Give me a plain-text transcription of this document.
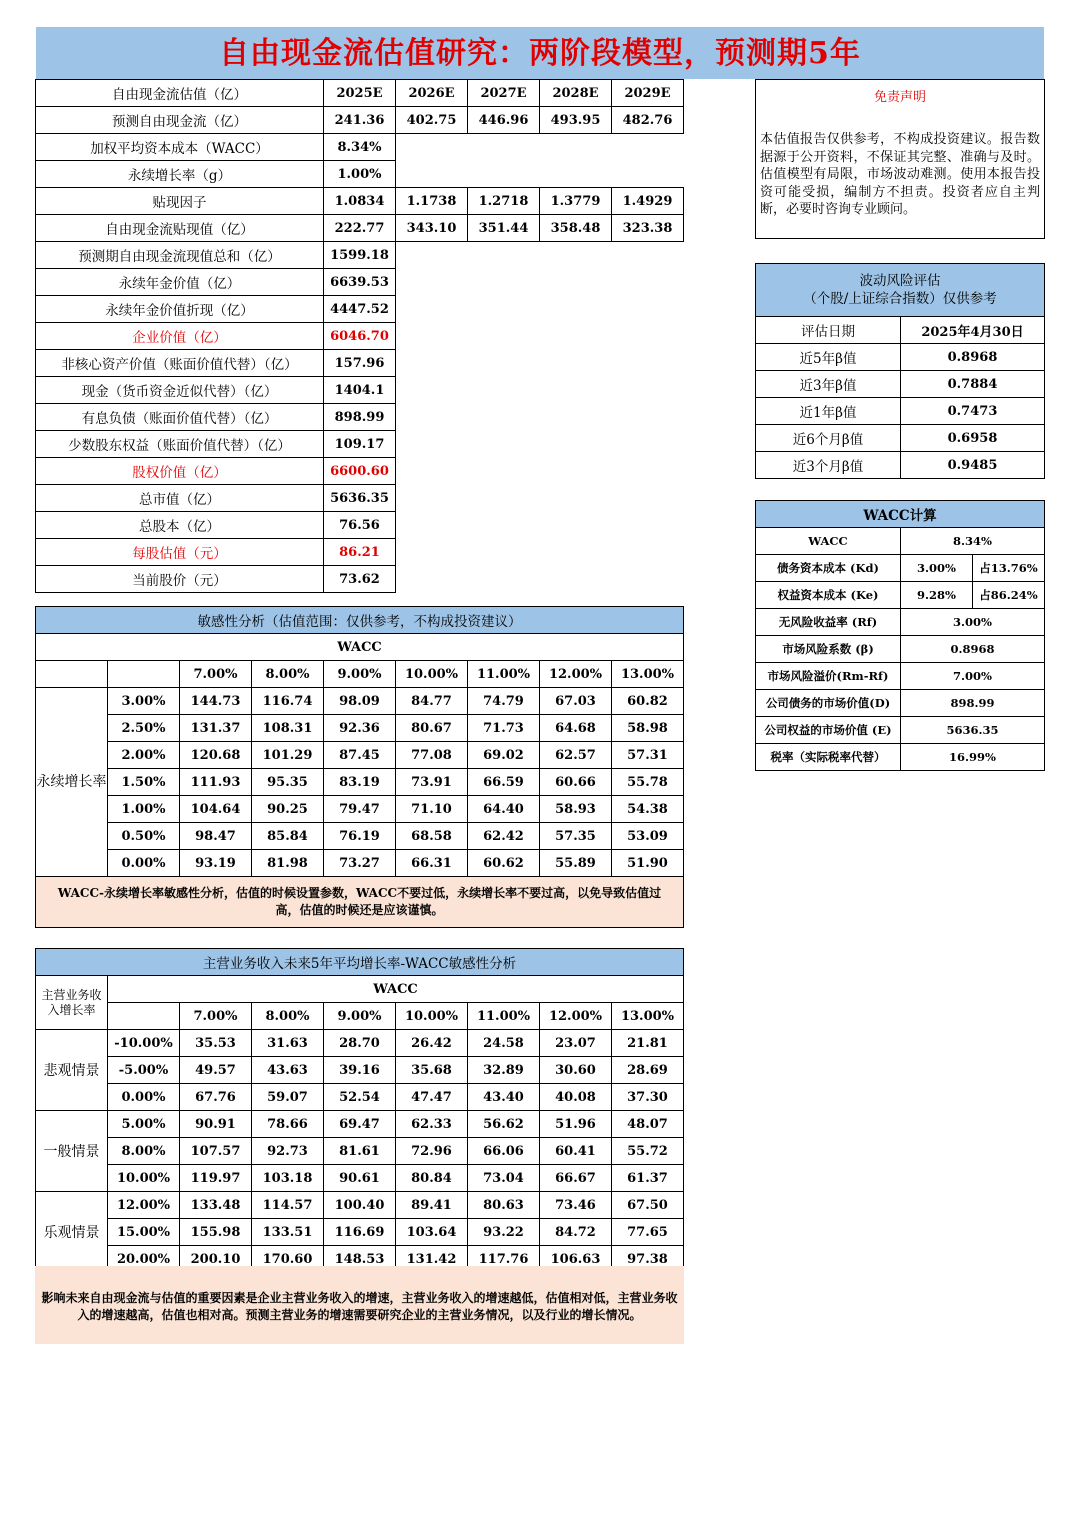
自由现金流估值研究：两阶段模型，预测期5年
自由现金流估值（亿）	2025E	2026E	2027E	2028E	2029E
预测自由现金流（亿）	241.36	402.75	446.96	493.95	482.76
加权平均资本成本（WACC）	8.34%				
永续增长率（g）	1.00%				
贴现因子	1.0834	1.1738	1.2718	1.3779	1.4929
自由现金流贴现值（亿）	222.77	343.10	351.44	358.48	323.38
预测期自由现金流现值总和（亿）	1599.18				
永续年金价值（亿）	6639.53				
永续年金价值折现（亿）	4447.52				
企业价值（亿）	6046.70				
非核心资产价值（账面价值代替）（亿）	157.96				
现金（货币资金近似代替）（亿）	1404.1				
有息负债（账面价值代替）（亿）	898.99				
少数股东权益（账面价值代替）（亿）	109.17				
股权价值（亿）	6600.60				
总市值（亿）	5636.35				
总股本（亿）	76.56				
每股估值（元）	86.21				
当前股价（元）	73.62				
免责声明
本估值报告仅供参考，不构成投资建议。报告数据源于公开资料，不保证其完整、准确与及时。估值模型有局限，市场波动难测。使用本报告投资可能受损，编制方不担责。投资者应自主判断，必要时咨询专业顾问。
波动风险评估
（个股/上证综合指数）仅供参考	

评估日期	2025年4月30日
近5年β值	0.8968
近3年β值	0.7884
近1年β值	0.7473
近6个月β值	0.6958
近3个月β值	0.9485
WACC计算		
WACC	8.34%	
债务资本成本 (Kd)	3.00%	占13.76%
权益资本成本 (Ke)	9.28%	占86.24%
无风险收益率 (Rf)	3.00%	
市场风险系数 (β)	0.8968	
市场风险溢价(Rm-Rf)	7.00%	
公司债务的市场价值(D)	898.99	
公司权益的市场价值 (E)	5636.35	
税率（实际税率代替）	16.99%	
敏感性分析（估值范围：仅供参考，不构成投资建议）								
WACC								
		7.00%	8.00%	9.00%	10.00%	11.00%	12.00%	13.00%
永续增长率	3.00%	144.73	116.74	98.09	84.77	74.79	67.03	60.82
	2.50%	131.37	108.31	92.36	80.67	71.73	64.68	58.98
	2.00%	120.68	101.29	87.45	77.08	69.02	62.57	57.31
	1.50%	111.93	95.35	83.19	73.91	66.59	60.66	55.78
	1.00%	104.64	90.25	79.47	71.10	64.40	58.93	54.38
	0.50%	98.47	85.84	76.19	68.58	62.42	57.35	53.09
	0.00%	93.19	81.98	73.27	66.31	60.62	55.89	51.90
WACC-永续增长率敏感性分析，估值的时候设置参数，WACC不要过低，永续增长率不要过高，以免导致估值过高，估值的时候还是应该谨慎。								
主营业务收入未来5年平均增长率-WACC敏感性分析								
主营业务收入增长率	WACC							
		7.00%	8.00%	9.00%	10.00%	11.00%	12.00%	13.00%
悲观情景	-10.00%	35.53	31.63	28.70	26.42	24.58	23.07	21.81
	-5.00%	49.57	43.63	39.16	35.68	32.89	30.60	28.69
	0.00%	67.76	59.07	52.54	47.47	43.40	40.08	37.30
一般情景	5.00%	90.91	78.66	69.47	62.33	56.62	51.96	48.07
	8.00%	107.57	92.73	81.61	72.96	66.06	60.41	55.72
	10.00%	119.97	103.18	90.61	80.84	73.04	66.67	61.37
乐观情景	12.00%	133.48	114.57	100.40	89.41	80.63	73.46	67.50
	15.00%	155.98	133.51	116.69	103.64	93.22	84.72	77.65
	20.00%	200.10	170.60	148.53	131.42	117.76	106.63	97.38
影响未来自由现金流与估值的重要因素是企业主营业务收入的增速，主营业务收入的增速越低，估值相对低，主营业务收入的增速越高，估值也相对高。预测主营业务的增速需要研究企业的主营业务情况，以及行业的增长情况。
